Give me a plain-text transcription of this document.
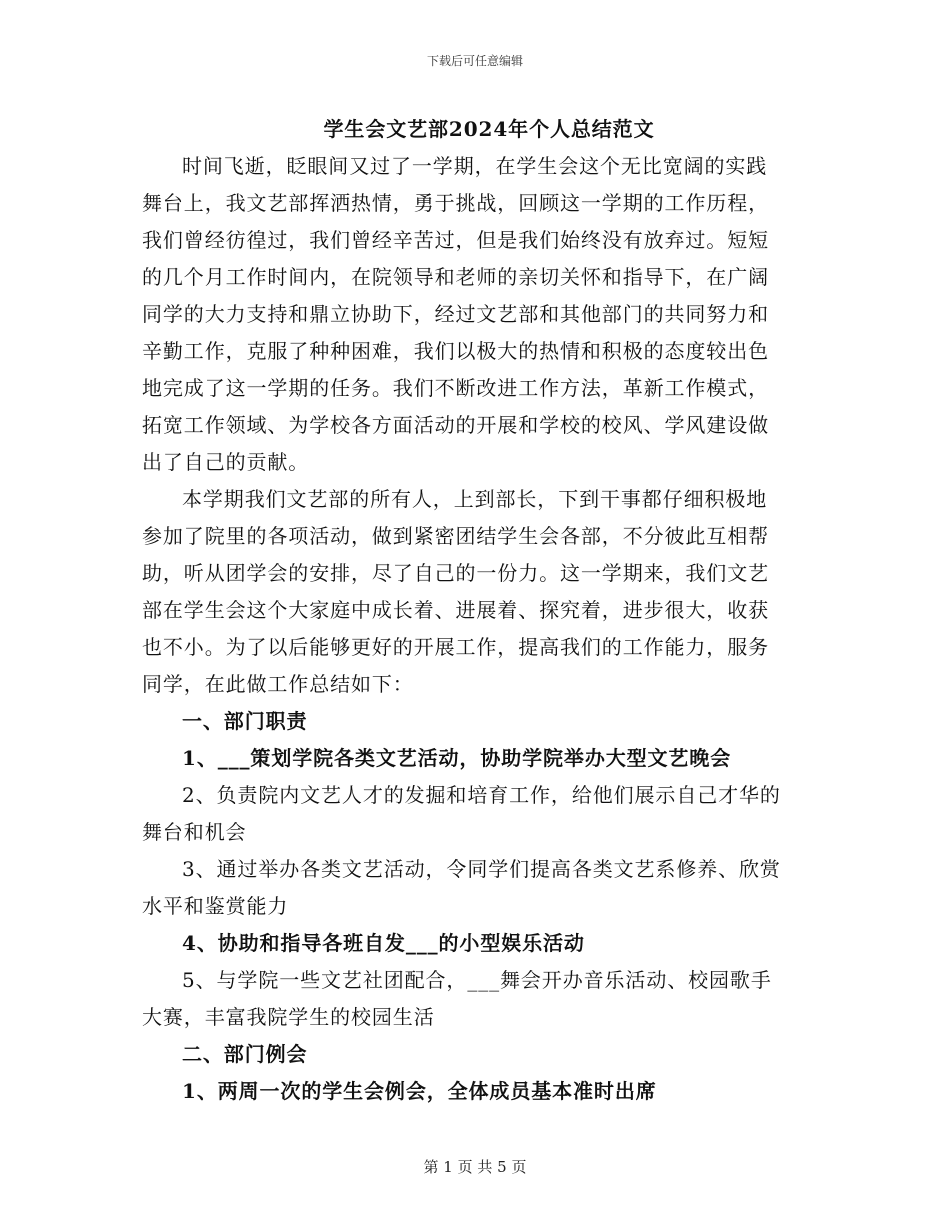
下载后可任意编辑
学生会文艺部2024年个人总结范文
时间飞逝，眨眼间又过了一学期，在学生会这个无比宽阔的实践
舞台上，我文艺部挥洒热情，勇于挑战，回顾这一学期的工作历程，
我们曾经彷徨过，我们曾经辛苦过，但是我们始终没有放弃过。短短
的几个月工作时间内，在院领导和老师的亲切关怀和指导下，在广阔
同学的大力支持和鼎立协助下，经过文艺部和其他部门的共同努力和
辛勤工作，克服了种种困难，我们以极大的热情和积极的态度较出色
地完成了这一学期的任务。我们不断改进工作方法，革新工作模式，
拓宽工作领域、为学校各方面活动的开展和学校的校风、学风建设做
出了自己的贡献。
本学期我们文艺部的所有人，上到部长，下到干事都仔细积极地
参加了院里的各项活动，做到紧密团结学生会各部，不分彼此互相帮
助，听从团学会的安排，尽了自己的一份力。这一学期来，我们文艺
部在学生会这个大家庭中成长着、进展着、探究着，进步很大，收获
也不小。为了以后能够更好的开展工作，提高我们的工作能力，服务
同学，在此做工作总结如下：
一、部门职责
1、___策划学院各类文艺活动，协助学院举办大型文艺晚会
2、负责院内文艺人才的发掘和培育工作，给他们展示自己才华的
舞台和机会
3、通过举办各类文艺活动，令同学们提高各类文艺系修养、欣赏
水平和鉴赏能力
4、协助和指导各班自发___的小型娱乐活动
5、与学院一些文艺社团配合，___舞会开办音乐活动、校园歌手
大赛，丰富我院学生的校园生活
二、部门例会
1、两周一次的学生会例会，全体成员基本准时出席
第 1 页 共 5 页
